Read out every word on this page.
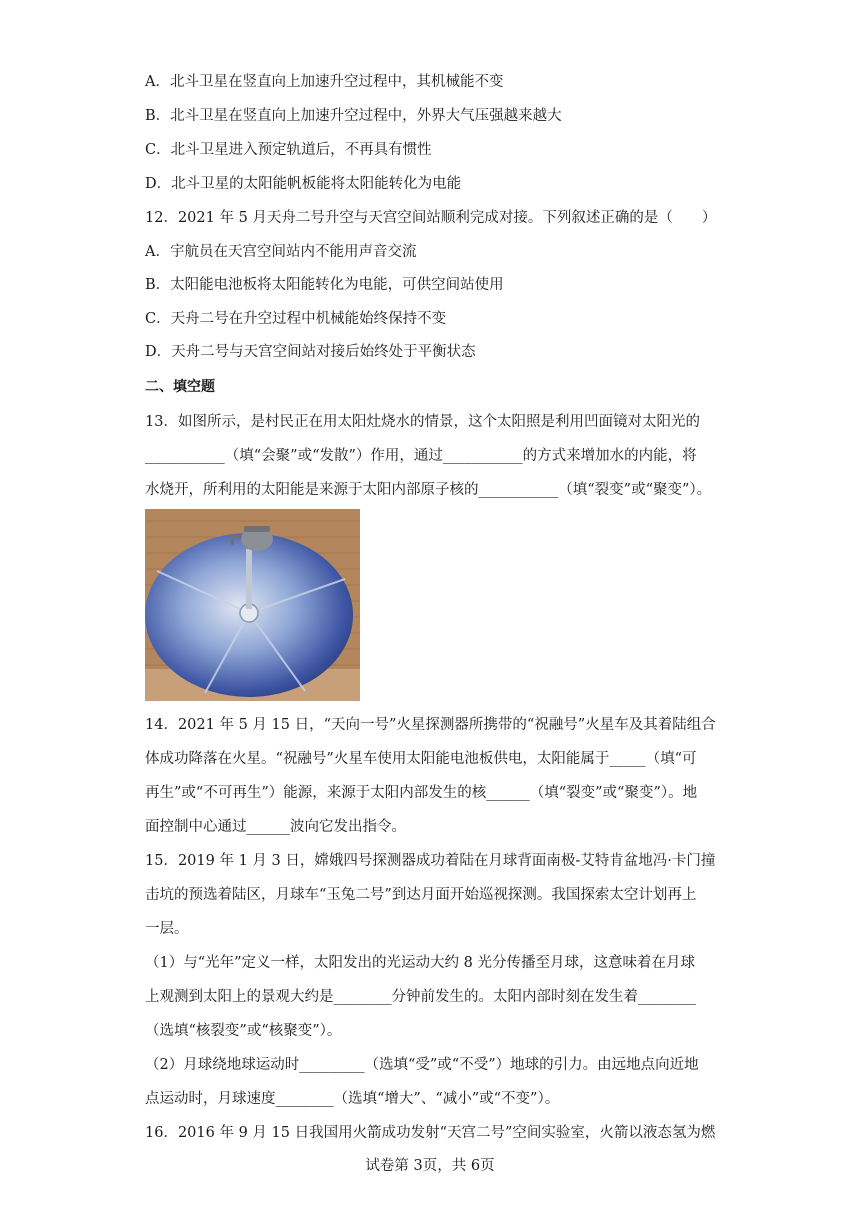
A．北斗卫星在竖直向上加速升空过程中，其机械能不变
B．北斗卫星在竖直向上加速升空过程中，外界大气压强越来越大
C．北斗卫星进入预定轨道后，不再具有惯性
D．北斗卫星的太阳能帆板能将太阳能转化为电能
12．2021 年 5 月天舟二号升空与天宫空间站顺利完成对接。下列叙述正确的是（　　）
A．宇航员在天宫空间站内不能用声音交流
B．太阳能电池板将太阳能转化为电能，可供空间站使用
C．天舟二号在升空过程中机械能始终保持不变
D．天舟二号与天宫空间站对接后始终处于平衡状态
二、填空题
13．如图所示，是村民正在用太阳灶烧水的情景，这个太阳照是利用凹面镜对太阳光的
___________（填“会聚”或“发散”）作用，通过___________的方式来增加水的内能，将
水烧开，所利用的太阳能是来源于太阳内部原子核的___________（填“裂变”或“聚变”）。
14．2021 年 5 月 15 日，“天向一号”火星探测器所携带的“祝融号”火星车及其着陆组合
体成功降落在火星。“祝融号”火星车使用太阳能电池板供电，太阳能属于_____（填“可
再生”或“不可再生”）能源，来源于太阳内部发生的核______（填“裂变”或“聚变”）。地
面控制中心通过______波向它发出指令。
15．2019 年 1 月 3 日，嫦娥四号探测器成功着陆在月球背面南极-艾特肯盆地冯·卡门撞
击坑的预选着陆区，月球车“玉兔二号”到达月面开始巡视探测。我国探索太空计划再上
一层。
（1）与“光年”定义一样，太阳发出的光运动大约 8 光分传播至月球，这意味着在月球
上观测到太阳上的景观大约是________分钟前发生的。太阳内部时刻在发生着________
（选填“核裂变”或“核聚变”）。
（2）月球绕地球运动时_________（选填“受”或“不受”）地球的引力。由远地点向近地
点运动时，月球速度________（选填“增大”、“减小”或“不变”）。
16．2016 年 9 月 15 日我国用火箭成功发射“天宫二号”空间实验室，火箭以液态氢为燃
试卷第 3页，共 6页
